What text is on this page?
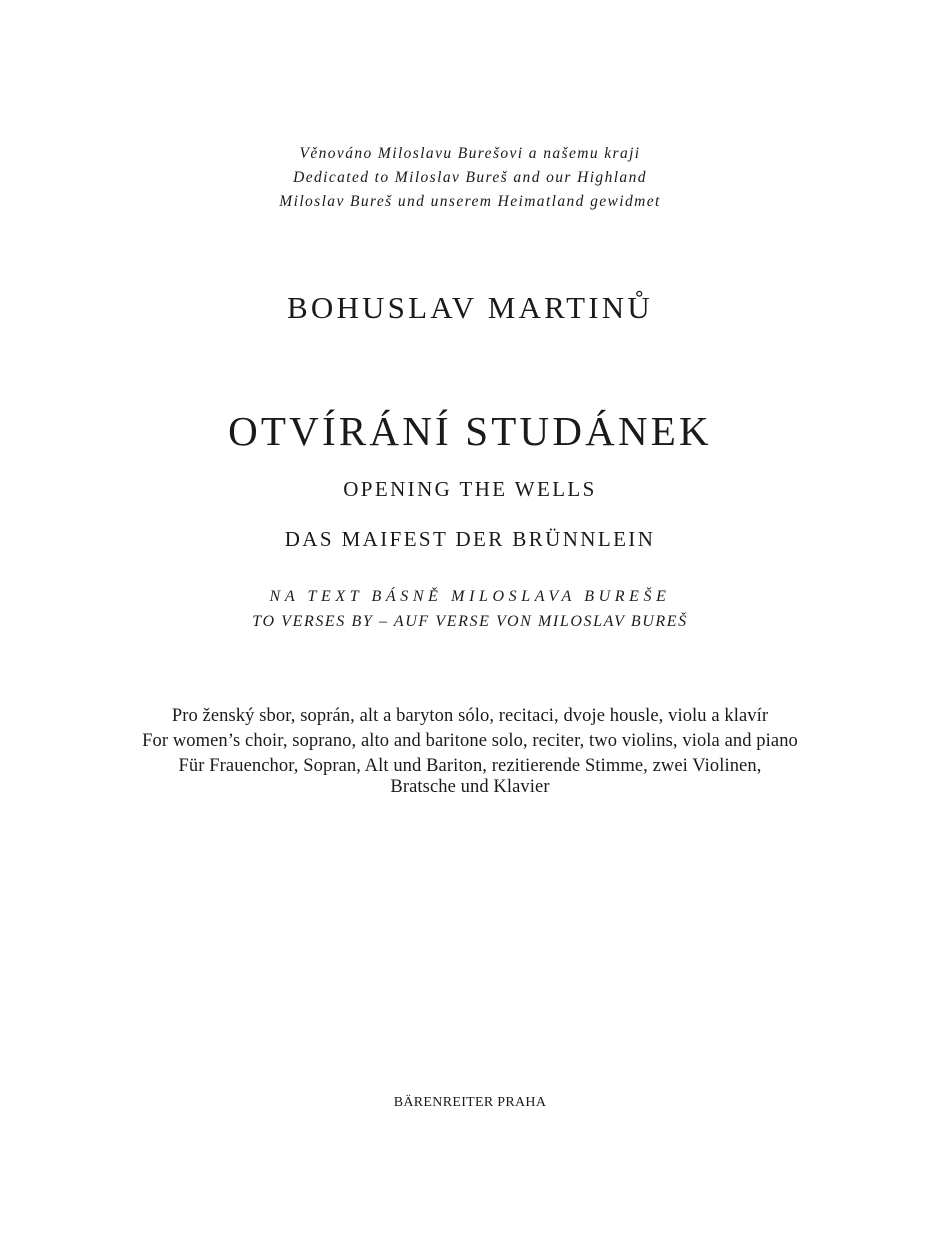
Věnováno Miloslavu Burešovi a našemu kraji
Dedicated to Miloslav Bureš and our Highland
Miloslav Bureš und unserem Heimatland gewidmet
BOHUSLAV MARTINŮ
OTVÍRÁNÍ STUDÁNEK
OPENING THE WELLS
DAS MAIFEST DER BRÜNNLEIN
NA TEXT BÁSNĚ MILOSLAVA BUREŠE
TO VERSES BY – AUF VERSE VON MILOSLAV BUREŠ
Pro ženský sbor, soprán, alt a baryton sólo, recitaci, dvoje housle, violu a klavír
For women’s choir, soprano, alto and baritone solo, reciter, two violins, viola and piano
Für Frauenchor, Sopran, Alt und Bariton, rezitierende Stimme, zwei Violinen,
Bratsche und Klavier
BÄRENREITER PRAHA
